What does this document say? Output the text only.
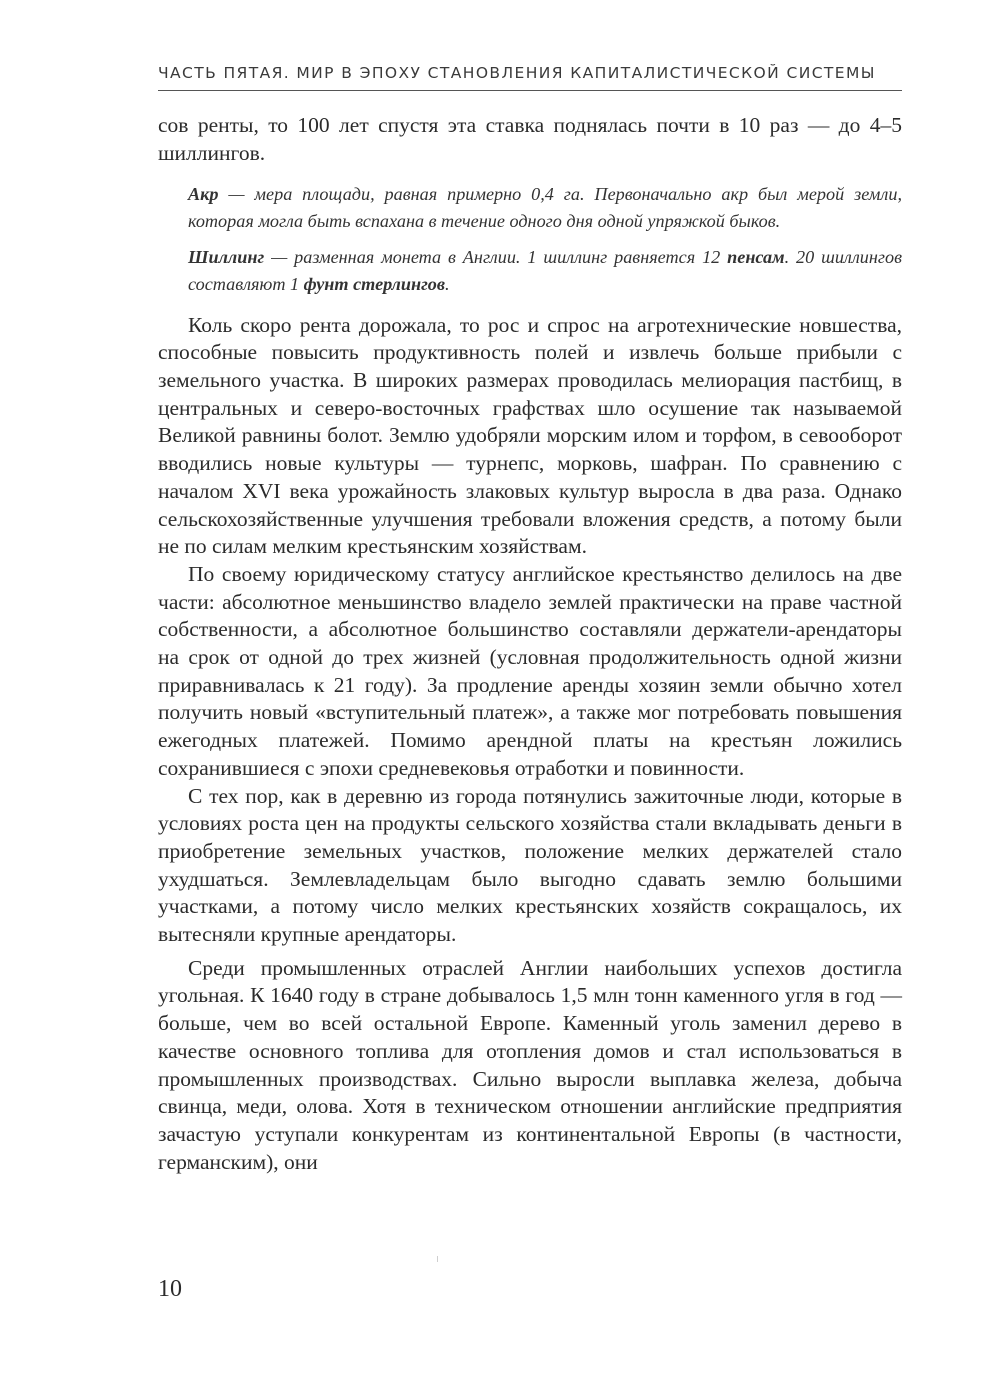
ЧАСТЬ ПЯТАЯ. МИР В ЭПОХУ СТАНОВЛЕНИЯ КАПИТАЛИСТИЧЕСКОЙ СИСТЕМЫ

сов ренты, то 100 лет спустя эта ставка поднялась почти в 10 раз — до 4–5 шиллингов.

Акр — мера площади, равная примерно 0,4 га. Первоначально акр был мерой земли, которая могла быть вспахана в течение одного дня одной упряжкой быков.

Шиллинг — разменная монета в Англии. 1 шиллинг равняется 12 пенсам. 20 шиллингов составляют 1 фунт стерлингов.

Коль скоро рента дорожала, то рос и спрос на агротехнические новшества, способные повысить продуктивность полей и извлечь больше прибыли с земельного участка. В широких размерах проводилась мелиорация пастбищ, в центральных и северо-восточных графствах шло осушение так называемой Великой равнины болот. Землю удобряли морским илом и торфом, в севооборот вводились новые культуры — турнепс, морковь, шафран. По сравнению с началом XVI века урожайность злаковых культур выросла в два раза. Однако сельскохозяйственные улучшения требовали вложения средств, а потому были не по силам мелким крестьянским хозяйствам.

По своему юридическому статусу английское крестьянство делилось на две части: абсолютное меньшинство владело землей практически на праве частной собственности, а абсолютное большинство составляли держатели-арендаторы на срок от одной до трех жизней (условная продолжительность одной жизни приравнивалась к 21 году). За продление аренды хозяин земли обычно хотел получить новый «вступительный платеж», а также мог потребовать повышения ежегодных платежей. Помимо арендной платы на крестьян ложились сохранившиеся с эпохи средневековья отработки и повинности.

С тех пор, как в деревню из города потянулись зажиточные люди, которые в условиях роста цен на продукты сельского хозяйства стали вкладывать деньги в приобретение земельных участков, положение мелких держателей стало ухудшаться. Землевладельцам было выгодно сдавать землю большими участками, а потому число мелких крестьянских хозяйств сокращалось, их вытесняли крупные арендаторы.

Среди промышленных отраслей Англии наибольших успехов достигла угольная. К 1640 году в стране добывалось 1,5 млн тонн каменного угля в год — больше, чем во всей остальной Европе. Каменный уголь заменил дерево в качестве основного топлива для отопления домов и стал использоваться в промышленных производствах. Сильно выросли выплавка железа, добыча свинца, меди, олова. Хотя в техническом отношении английские предприятия зачастую уступали конкурентам из континентальной Европы (в частности, германским), они

10
